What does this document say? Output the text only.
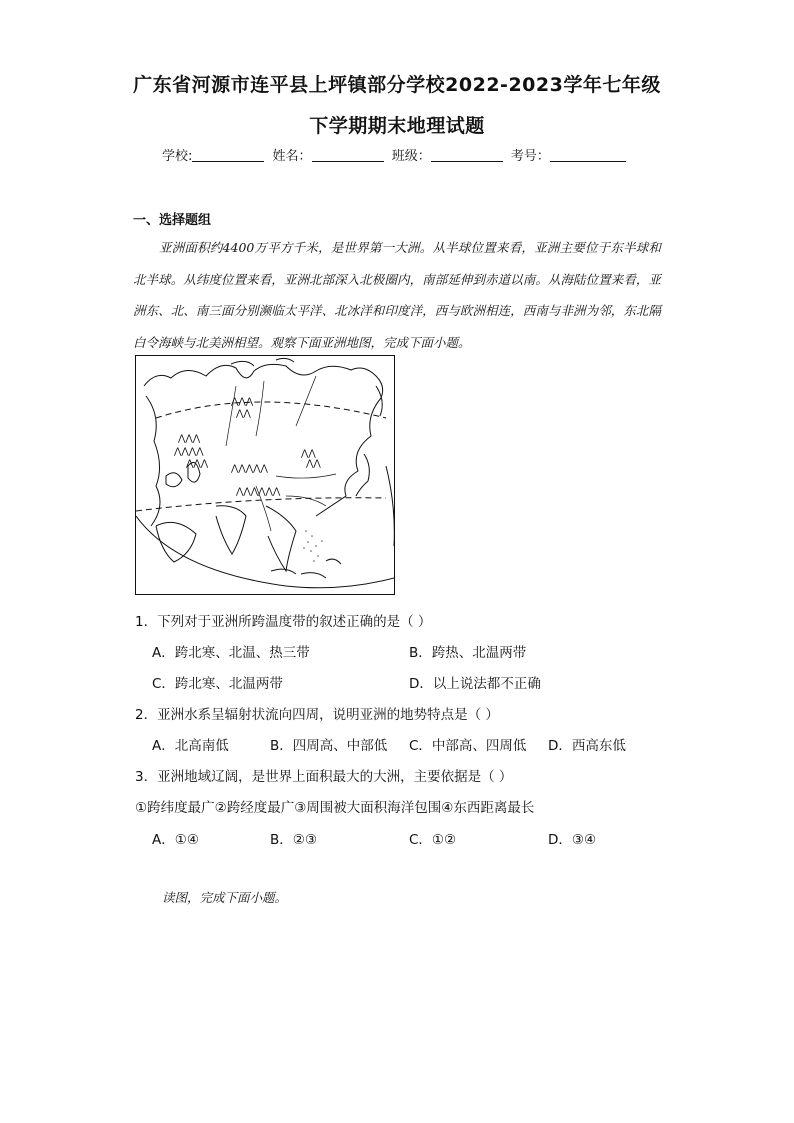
广东省河源市连平县上坪镇部分学校2022-2023学年七年级
下学期期末地理试题
学校:	姓名：	班级：	考号：
一、选择题组

亚洲面积约4400万平方千米，是世界第一大洲。从半球位置来看，亚洲主要位于东半球和北半球。从纬度位置来看，亚洲北部深入北极圈内，南部延伸到赤道以南。从海陆位置来看，亚洲东、北、南三面分别濒临太平洋、北冰洋和印度洋，西与欧洲相连，西南与非洲为邻，东北隔白令海峡与北美洲相望。观察下面亚洲地图，完成下面小题。

⋀⋀⋀
⋀⋀⋀⋀
⋀⋀⋀
⋀⋀⋀
⋀⋀
⋀⋀⋀⋀⋀
⋀⋀⋀⋀⋀⋀
⋀⋀
⋀⋀
1．下列对于亚洲所跨温度带的叙述正确的是（ ）
A．跨北寒、北温、热三带	B．跨热、北温两带
C．跨北寒、北温两带	D．以上说法都不正确
2．亚洲水系呈辐射状流向四周，说明亚洲的地势特点是（ ）
A．北高南低	B．四周高、中部低 C．中部高、四周低 D．西高东低
3．亚洲地域辽阔，是世界上面积最大的大洲，主要依据是（ ）
①跨纬度最广②跨经度最广③周围被大面积海洋包围④东西距离最长
A．①④	B．②③	C．①②	D．③④
读图，完成下面小题。
